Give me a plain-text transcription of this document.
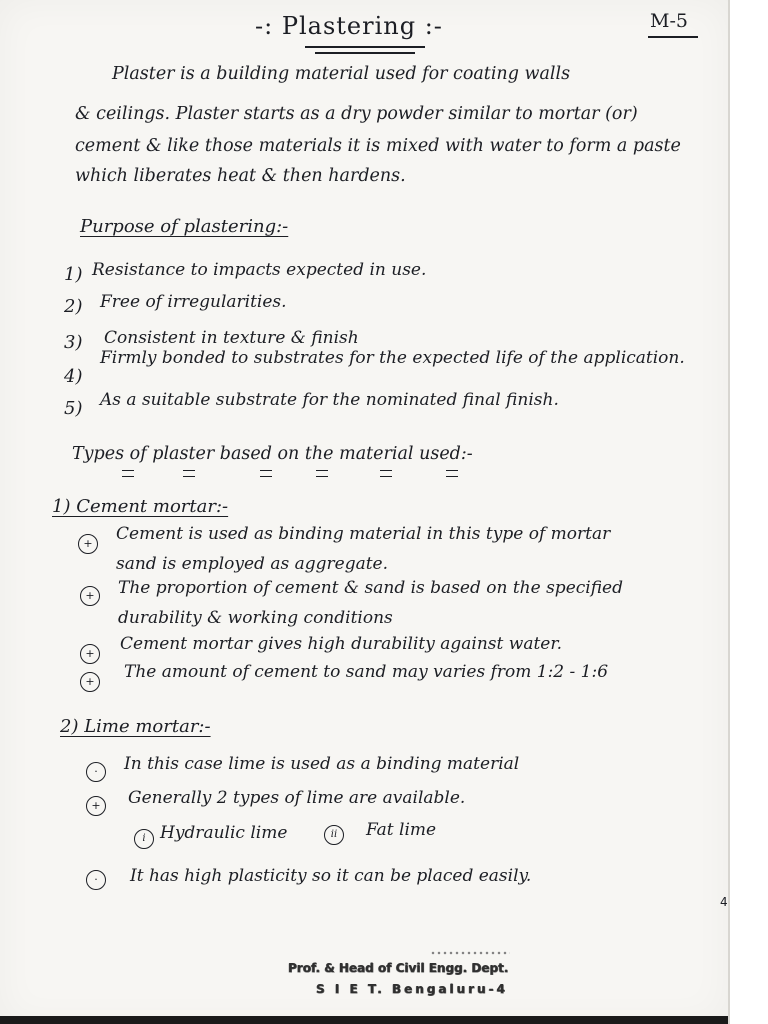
-: Plastering :-	M-5
Plaster is a building material used for coating walls
& ceilings. Plaster starts as a dry powder similar to mortar (or)
cement & like those materials it is mixed with water to form a paste
which liberates heat & then hardens.
Purpose of plastering:-
1) Resistance to impacts expected in use.
2) Free of irregularities.
3) Consistent in texture & finish
4)
Firmly bonded to substrates for the expected life of the application.
5) As a suitable substrate for the nominated final finish.
Types of plaster based on the material used:-
1) Cement mortar:-
+	Cement is used as binding material in this type of mortar
sand is employed as aggregate.
+	The proportion of cement & sand is based on the specified
durability & working conditions
+	Cement mortar gives high durability against water.
+	The amount of cement to sand may varies from 1:2 - 1:6
2) Lime mortar:-
·	In this case lime is used as a binding material
+	Generally 2 types of lime are available.
i Hydraulic lime	ii	Fat lime
·	It has high plasticity so it can be placed easily.
4
Prof. & Head of Civil Engg. Dept.
S I E T. Bengaluru-4
